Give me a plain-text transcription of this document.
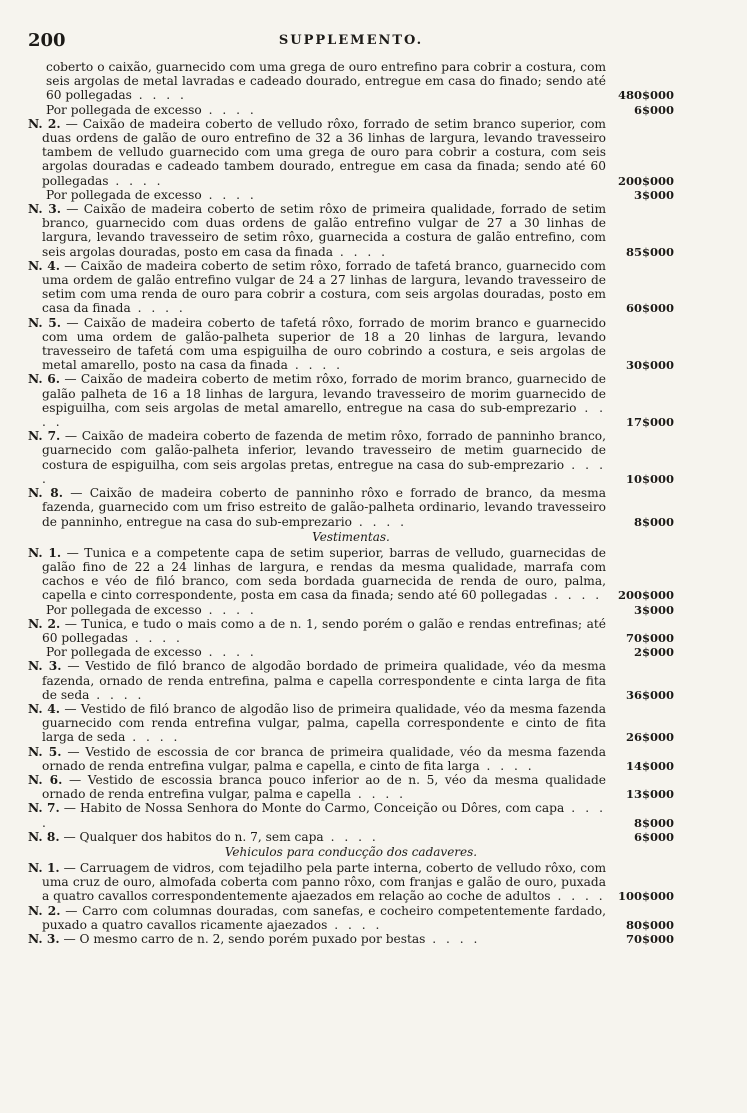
200	SUPPLEMENTO.
coberto o caixão, guarnecido com uma grega de ouro entrefino para cobrir a costura, com seis argolas de metal lavradas e cadeado dourado, entregue em casa do finado; sendo até 60 pollegadas . . . .	480$000
Por pollegada de excesso . . . .	6$000
N. 2. — Caixão de madeira coberto de velludo rôxo, forrado de setim branco superior, com duas ordens de galão de ouro entrefino de 32 a 36 linhas de largura, levando travesseiro tambem de velludo guarnecido com uma grega de ouro para cobrir a costura, com seis argolas douradas e cadeado tambem dourado, entregue em casa da finada; sendo até 60 pollegadas . . . .	200$000
Por pollegada de excesso . . . .	3$000
N. 3. — Caixão de madeira coberto de setim rôxo de primeira qualidade, forrado de setim branco, guarnecido com duas ordens de galão entrefino vulgar de 27 a 30 linhas de largura, levando travesseiro de setim rôxo, guarnecida a costura de galão entrefino, com seis argolas douradas, posto em casa da finada . . . .	85$000
N. 4. — Caixão de madeira coberto de setim rôxo, forrado de tafetá branco, guarnecido com uma ordem de galão entrefino vulgar de 24 a 27 linhas de largura, levando travesseiro de setim com uma renda de ouro para cobrir a costura, com seis argolas douradas, posto em casa da finada . . . .	60$000
N. 5. — Caixão de madeira coberto de tafetá rôxo, forrado de morim branco e guarnecido com uma ordem de galão-palheta superior de 18 a 20 linhas de largura, levando travesseiro de tafetá com uma espiguilha de ouro cobrindo a costura, e seis argolas de metal amarello, posto na casa da finada . . . .	30$000
N. 6. — Caixão de madeira coberto de metim rôxo, forrado de morim branco, guarnecido de galão palheta de 16 a 18 linhas de largura, levando travesseiro de morim guarnecido de espiguilha, com seis argolas de metal amarello, entregue na casa do sub-emprezario . . . .	17$000
N. 7. — Caixão de madeira coberto de fazenda de metim rôxo, forrado de panninho branco, guarnecido com galão-palheta inferior, levando travesseiro de metim guarnecido de costura de espiguilha, com seis argolas pretas, entregue na casa do sub-emprezario . . . .	10$000
N. 8. — Caixão de madeira coberto de panninho rôxo e forrado de branco, da mesma fazenda, guarnecido com um friso estreito de galão-palheta ordinario, levando travesseiro de panninho, entregue na casa do sub-emprezario . . . .	8$000
Vestimentas.
N. 1. — Tunica e a competente capa de setim superior, barras de velludo, guarnecidas de galão fino de 22 a 24 linhas de largura, e rendas da mesma qualidade, marrafa com cachos e véo de filó branco, com seda bordada guarnecida de renda de ouro, palma, capella e cinto correspondente, posta em casa da finada; sendo até 60 pollegadas . . . .	200$000
Por pollegada de excesso . . . .	3$000
N. 2. — Tunica, e tudo o mais como a de n. 1, sendo porém o galão e rendas entrefinas; até 60 pollegadas . . . .	70$000
Por pollegada de excesso . . . .	2$000
N. 3. — Vestido de filó branco de algodão bordado de primeira qualidade, véo da mesma fazenda, ornado de renda entrefina, palma e capella correspondente e cinta larga de fita de seda . . . .	36$000
N. 4. — Vestido de filó branco de algodão liso de primeira qualidade, véo da mesma fazenda guarnecido com renda entrefina vulgar, palma, capella correspondente e cinto de fita larga de seda . . . .	26$000
N. 5. — Vestido de escossia de cor branca de primeira qualidade, véo da mesma fazenda ornado de renda entrefina vulgar, palma e capella, e cinto de fita larga . . . .	14$000
N. 6. — Vestido de escossia branca pouco inferior ao de n. 5, véo da mesma qualidade ornado de renda entrefina vulgar, palma e capella . . . .	13$000
N. 7. — Habito de Nossa Senhora do Monte do Carmo, Conceição ou Dôres, com capa . . . .	8$000
N. 8. — Qualquer dos habitos do n. 7, sem capa . . . .	6$000
Vehiculos para conducção dos cadaveres.
N. 1. — Carruagem de vidros, com tejadilho pela parte interna, coberto de velludo rôxo, com uma cruz de ouro, almofada coberta com panno rôxo, com franjas e galão de ouro, puxada a quatro cavallos correspondentemente ajaezados em relação ao coche de adultos . . . .	100$000
N. 2. — Carro com columnas douradas, com sanefas, e cocheiro competentemente fardado, puxado a quatro cavallos ricamente ajaezados . . . .	80$000
N. 3. — O mesmo carro de n. 2, sendo porém puxado por bestas . . . .	70$000
